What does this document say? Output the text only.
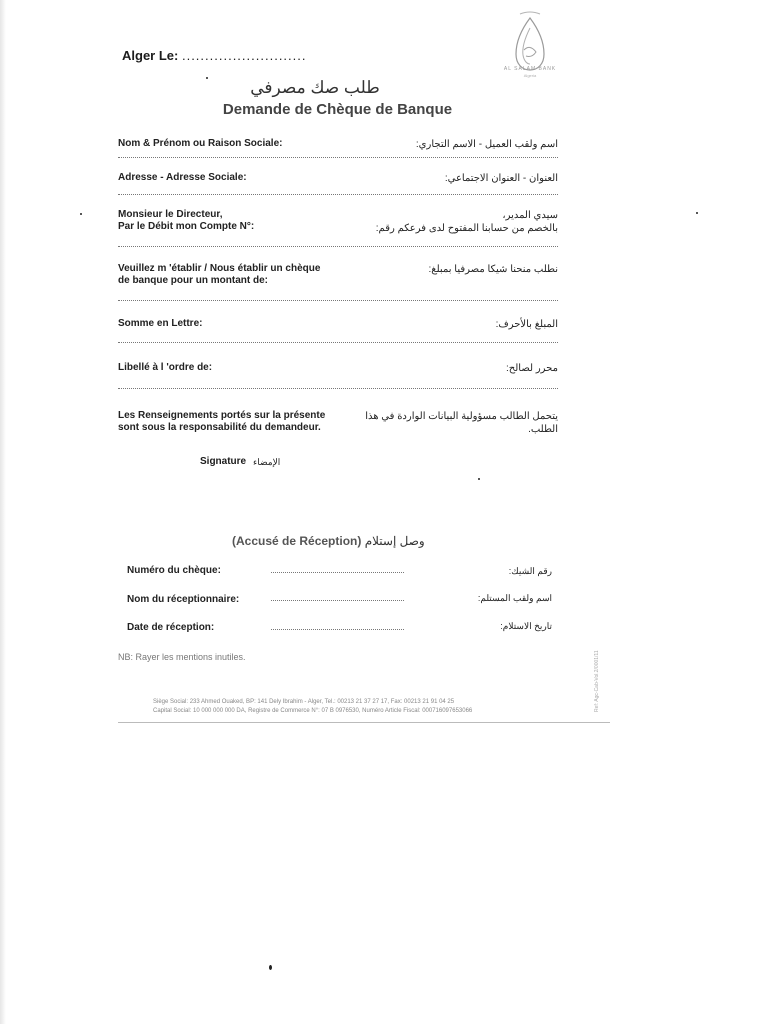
Alger Le: ...........................
AL SALAM BANK
Algeria
طلب صك مصرفي
Demande de Chèque de Banque
Nom & Prénom ou Raison Sociale:	اسم ولقب العميل - الاسم التجاري:
Adresse - Adresse Sociale:	العنوان - العنوان الاجتماعي:
Monsieur le Directeur,
Par le Débit mon Compte N°:
سيدي المدير،
بالخصم من حسابنا المفتوح لدى فرعكم رقم:
Veuillez m 'établir / Nous établir un chèque
de banque pour un montant de:
نطلب منحنا شيكا مصرفيا بمبلغ:
Somme en Lettre:	المبلغ بالأحرف:
Libellé à l 'ordre de:	محرر لصالح:
Les Renseignements portés sur la présente
sont sous la responsabilité du demandeur.
يتحمل الطالب مسؤولية البيانات الواردة في هذا
الطلب.
Signature الإمضاء
(Accusé de Réception) وصل إستلام
Numéro du chèque:	رقم الشيك:
Nom du réceptionnaire:	اسم ولقب المستلم:
Date de réception:	تاريخ الاستلام:
NB: Rayer les mentions inutiles.
Siège Social: 233 Ahmed Ouaked, BP: 141 Dely Ibrahim - Alger, Tel.: 00213 21 37 27 17, Fax: 00213 21 91 04 25
Capital Social: 10 000 000 000 DA, Registre de Commerce N°: 07 B 0976530, Numéro Article Fiscal: 000716097653066	Ref: Agc-Cab-Vol.2/0001/11
